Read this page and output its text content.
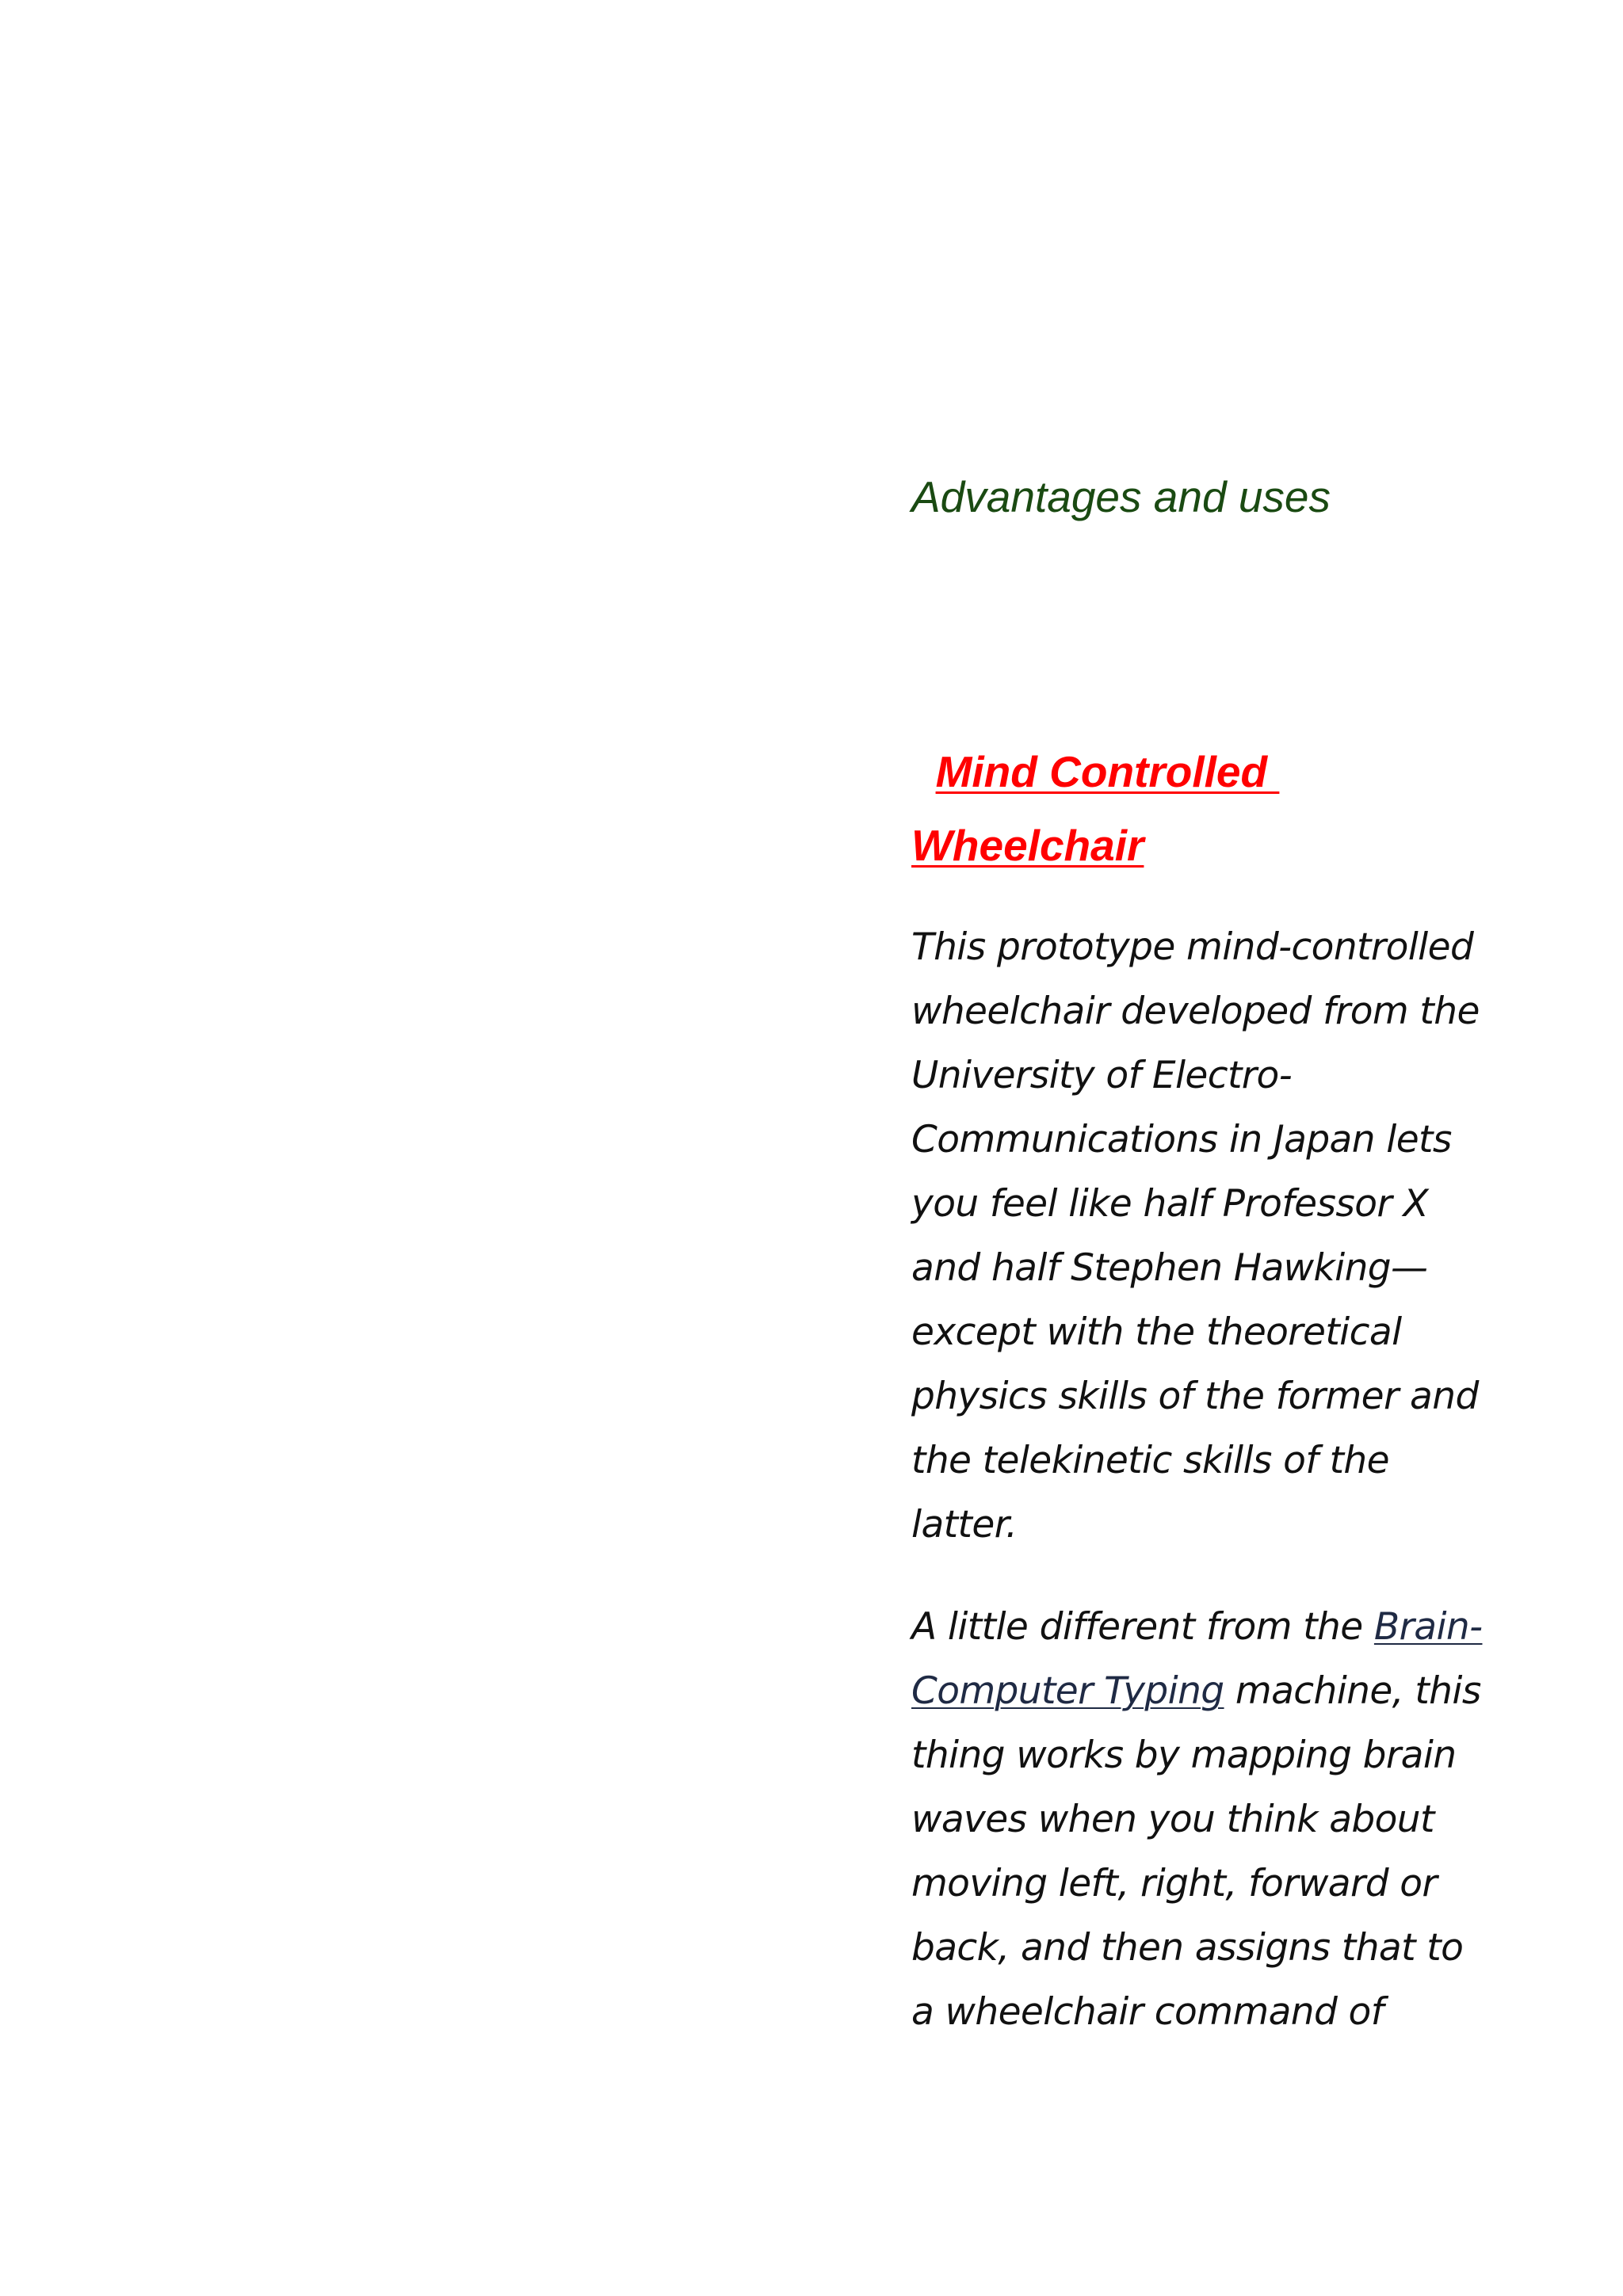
Advantages and uses

Mind Controlled
Wheelchair

This prototype mind-controlled
wheelchair developed from the
University of Electro-
Communications in Japan lets
you feel like half Professor X
and half Stephen Hawking—
except with the theoretical
physics skills of the former and
the telekinetic skills of the
latter.

A little different from the Brain-
Computer Typing machine, this
thing works by mapping brain
waves when you think about
moving left, right, forward or
back, and then assigns that to
a wheelchair command of
